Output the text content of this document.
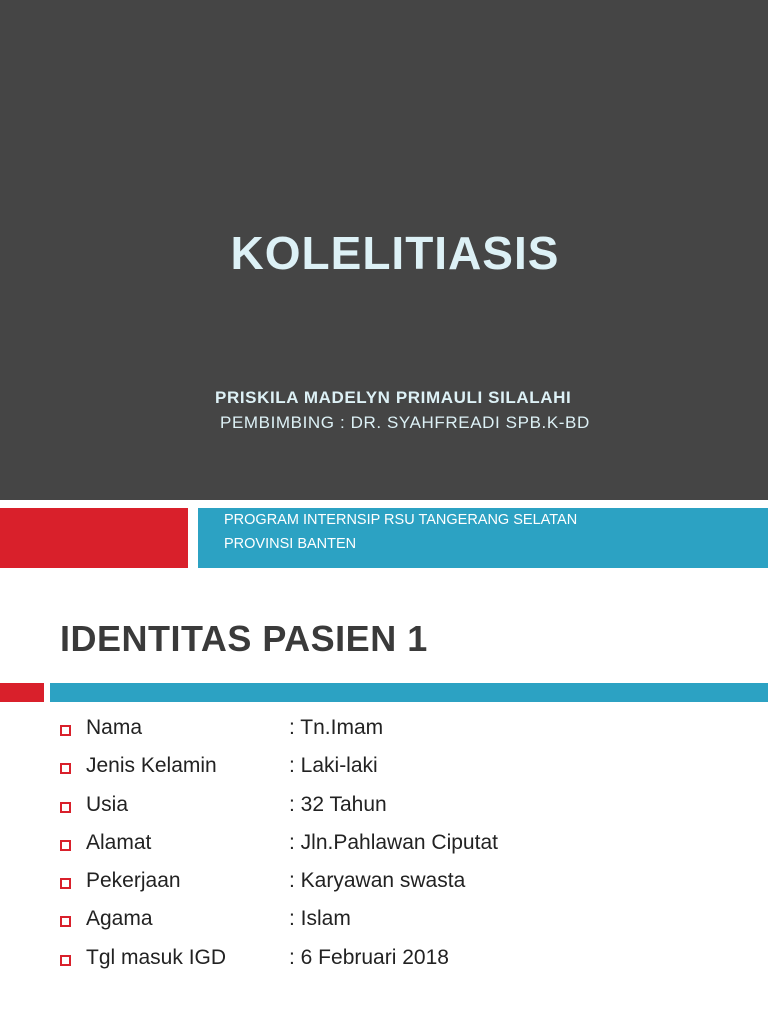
KOLELITIASIS
PRISKILA MADELYN PRIMAULI SILALAHI
PEMBIMBING : DR. SYAHFREADI SPB.K-BD
PROGRAM INTERNSIP RSU TANGERANG SELATAN
PROVINSI BANTEN
IDENTITAS PASIEN 1
Nama	: Tn.Imam
Jenis Kelamin	: Laki-laki
Usia	: 32 Tahun
Alamat	: Jln.Pahlawan Ciputat
Pekerjaan	: Karyawan swasta
Agama	: Islam
Tgl masuk IGD	: 6 Februari 2018
